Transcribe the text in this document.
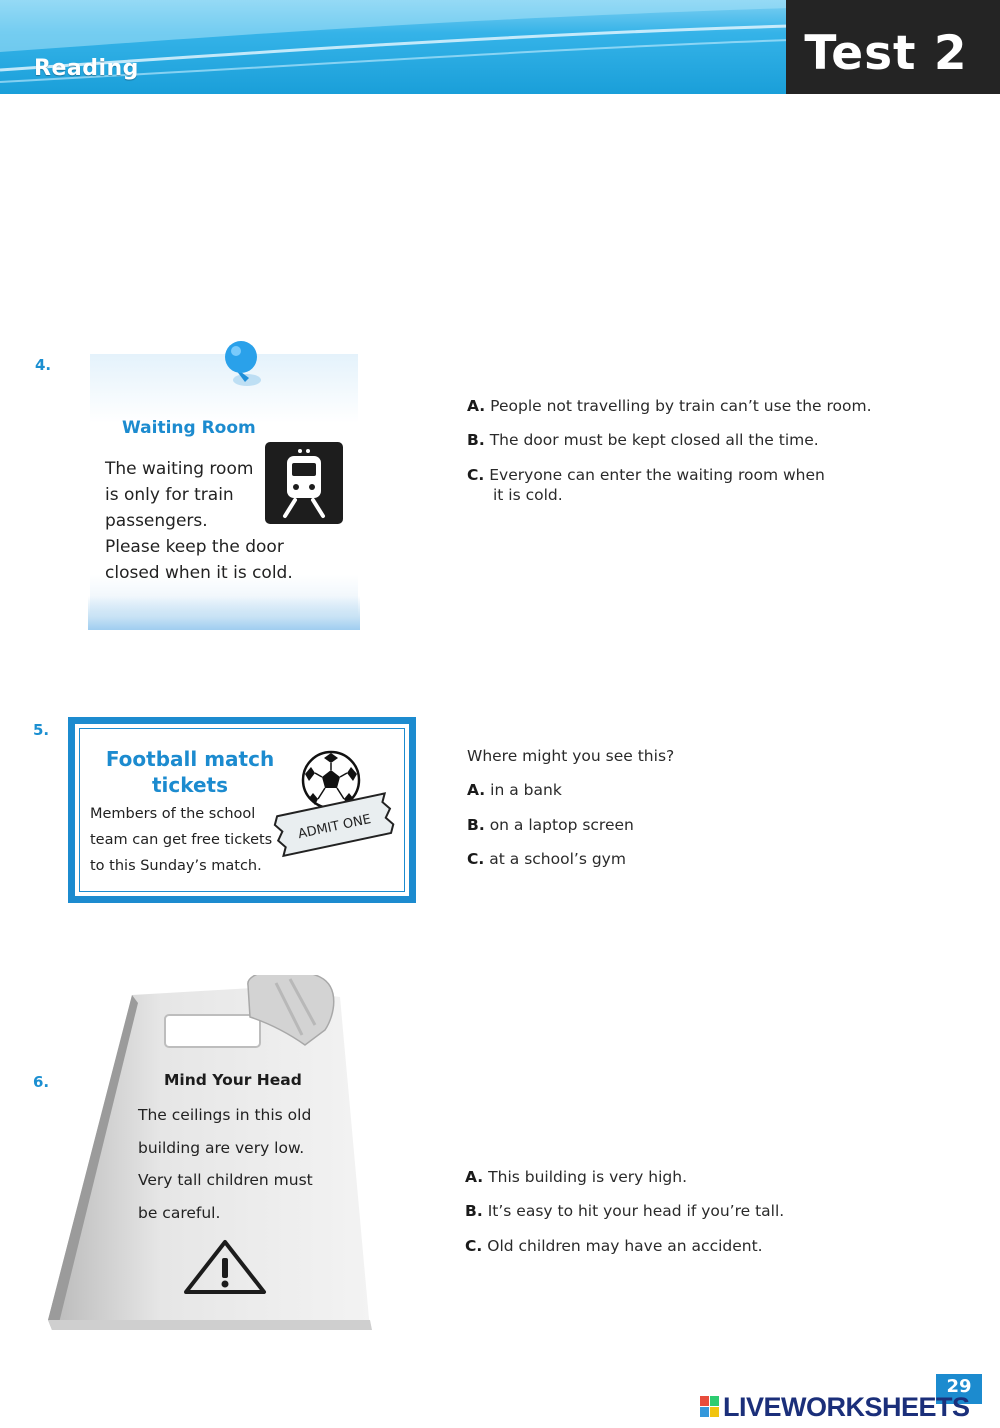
Reading	Test 2
4.
Waiting Room
The waiting room
is only for train
passengers.
Please keep the door
closed when it is cold.
A. People not travelling by train can’t use the room.
B. The door must be kept closed all the time.
C. Everyone can enter the waiting room when
it is cold.
5.
Football match
tickets
Members of the school
team can get free tickets
to this Sunday’s match.
ADMIT ONE
Where might you see this?
A. in a bank
B. on a laptop screen
C. at a school’s gym
6.	Mind Your Head
The ceilings in this old
building are very low.
Very tall children must
be careful.
A. This building is very high.
B. It’s easy to hit your head if you’re tall.
C. Old children may have an accident.
29
LIVEWORKSHEETS
